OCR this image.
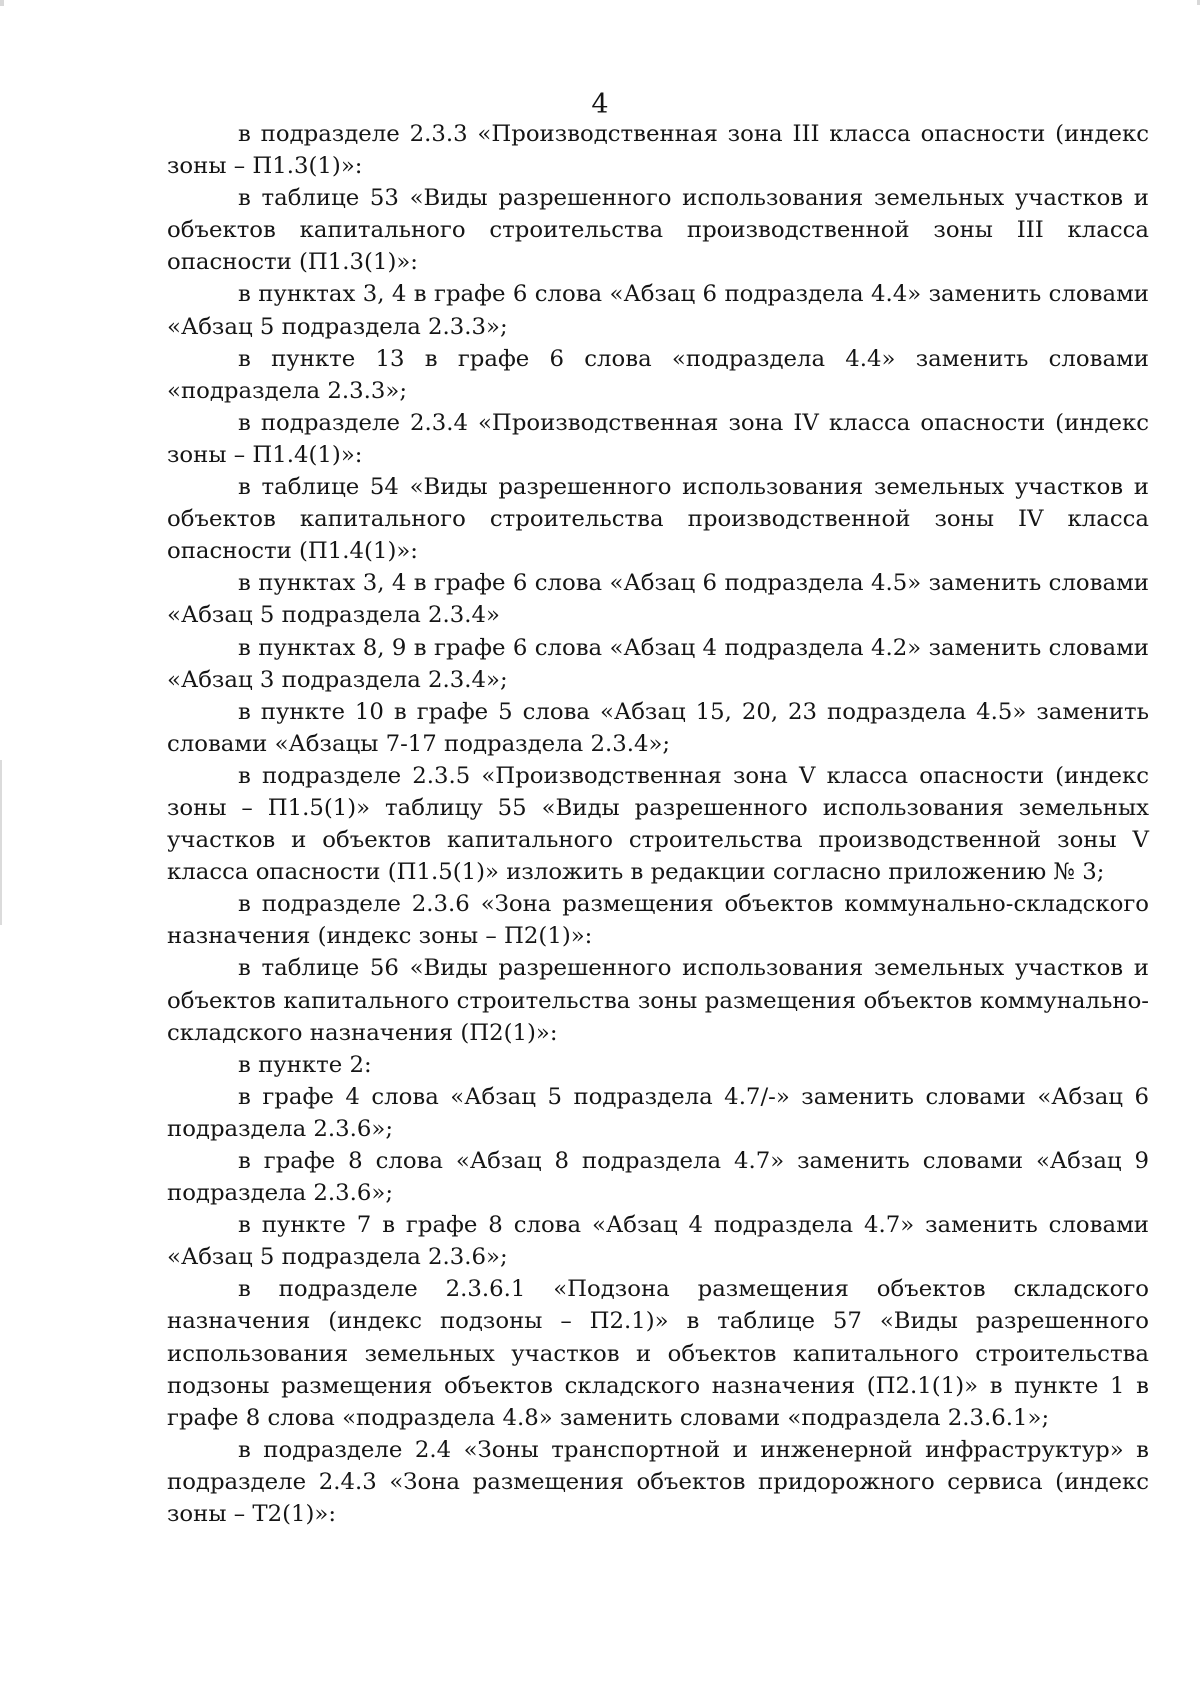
4

в подразделе 2.3.3 «Производственная зона III класса опасности (индекс зоны – П1.3(1)»:

в таблице 53 «Виды разрешенного использования земельных участков и объектов капитального строительства производственной зоны III класса опасности (П1.3(1)»:

в пунктах 3, 4 в графе 6 слова «Абзац 6 подраздела 4.4» заменить словами «Абзац 5 подраздела 2.3.3»;

в пункте 13 в графе 6 слова «подраздела 4.4» заменить словами «подраздела 2.3.3»;

в подразделе 2.3.4 «Производственная зона IV класса опасности (индекс зоны – П1.4(1)»:

в таблице 54 «Виды разрешенного использования земельных участков и объектов капитального строительства производственной зоны IV класса опасности (П1.4(1)»:

в пунктах 3, 4 в графе 6 слова «Абзац 6 подраздела 4.5» заменить словами «Абзац 5 подраздела 2.3.4»

в пунктах 8, 9 в графе 6 слова «Абзац 4 подраздела 4.2» заменить словами «Абзац 3 подраздела 2.3.4»;

в пункте 10 в графе 5 слова «Абзац 15, 20, 23 подраздела 4.5» заменить словами «Абзацы 7-17 подраздела 2.3.4»;

в подразделе 2.3.5 «Производственная зона V класса опасности (индекс зоны – П1.5(1)» таблицу 55 «Виды разрешенного использования земельных участков и объектов капитального строительства производственной зоны V класса опасности (П1.5(1)» изложить в редакции согласно приложению № 3;

в подразделе 2.3.6 «Зона размещения объектов коммунально-складского назначения (индекс зоны – П2(1)»:

в таблице 56 «Виды разрешенного использования земельных участков и объектов капитального строительства зоны размещения объектов коммунально-складского назначения (П2(1)»:

в пункте 2:

в графе 4 слова «Абзац 5 подраздела 4.7/-» заменить словами «Абзац 6 подраздела 2.3.6»;

в графе 8 слова «Абзац 8 подраздела 4.7» заменить словами «Абзац 9 подраздела 2.3.6»;

в пункте 7 в графе 8 слова «Абзац 4 подраздела 4.7» заменить словами «Абзац 5 подраздела 2.3.6»;

в подразделе 2.3.6.1 «Подзона размещения объектов складского назначения (индекс подзоны – П2.1)» в таблице 57 «Виды разрешенного использования земельных участков и объектов капитального строительства подзоны размещения объектов складского назначения (П2.1(1)» в пункте 1 в графе 8 слова «подраздела 4.8» заменить словами «подраздела 2.3.6.1»;

в подразделе 2.4 «Зоны транспортной и инженерной инфраструктур» в подразделе 2.4.3 «Зона размещения объектов придорожного сервиса (индекс зоны – Т2(1)»:
